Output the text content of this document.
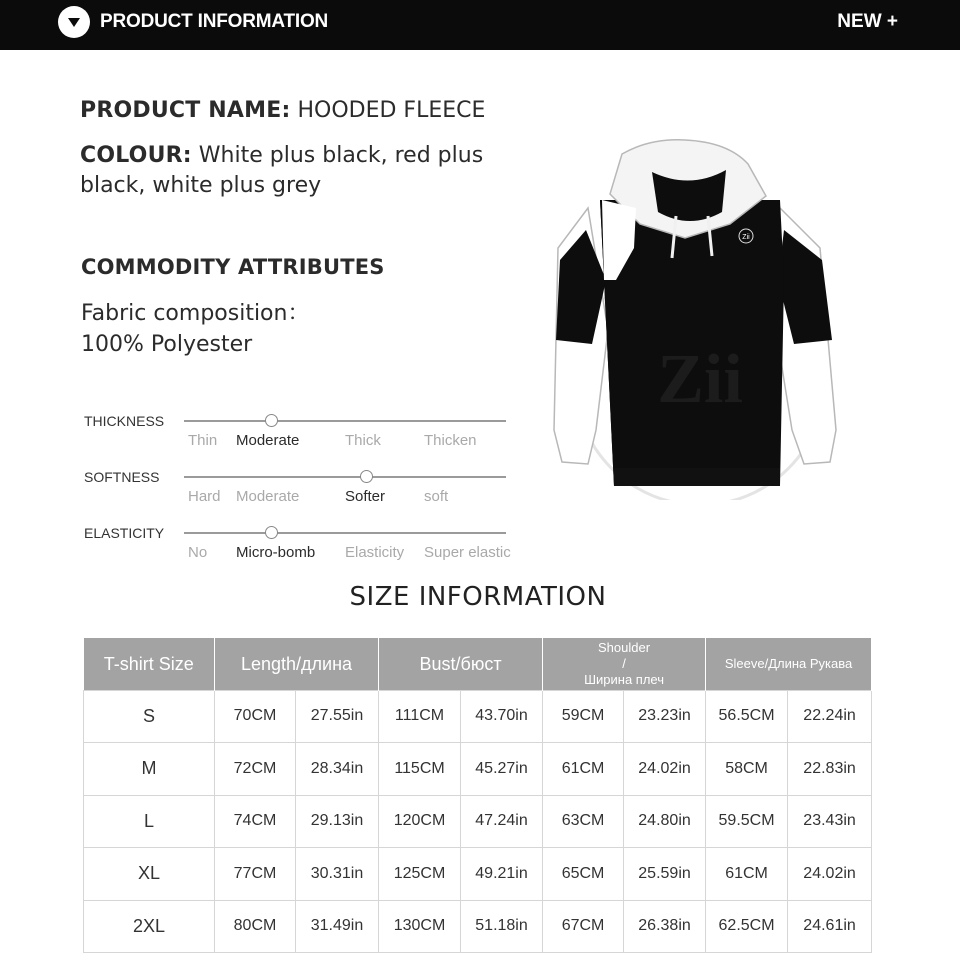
PRODUCT INFORMATION	NEW +
PRODUCT NAME: HOODED FLEECE
COLOUR: White plus black, red plus black, white plus grey
COMMODITY ATTRIBUTES
Fabric composition：
100% Polyester
THICKNESS
Thin Moderate	Thick	Thicken
SOFTNESS
Hard Moderate	Softer	soft
ELASTICITY
No Micro-bomb Elasticity Super elastic
Zii
Zii
SIZE INFORMATION
T-shirt Size	Length/длина		Bust/бюст		Shoulder
/
Ширина плеч		Sleeve/Длина Рукава	
S	70CM	27.55in	111CM	43.70in	59CM	23.23in	56.5CM	22.24in
M	72CM	28.34in	115CM	45.27in	61CM	24.02in	58CM	22.83in
L	74CM	29.13in	120CM	47.24in	63CM	24.80in	59.5CM	23.43in
XL	77CM	30.31in	125CM	49.21in	65CM	25.59in	61CM	24.02in
2XL	80CM	31.49in	130CM	51.18in	67CM	26.38in	62.5CM	24.61in
